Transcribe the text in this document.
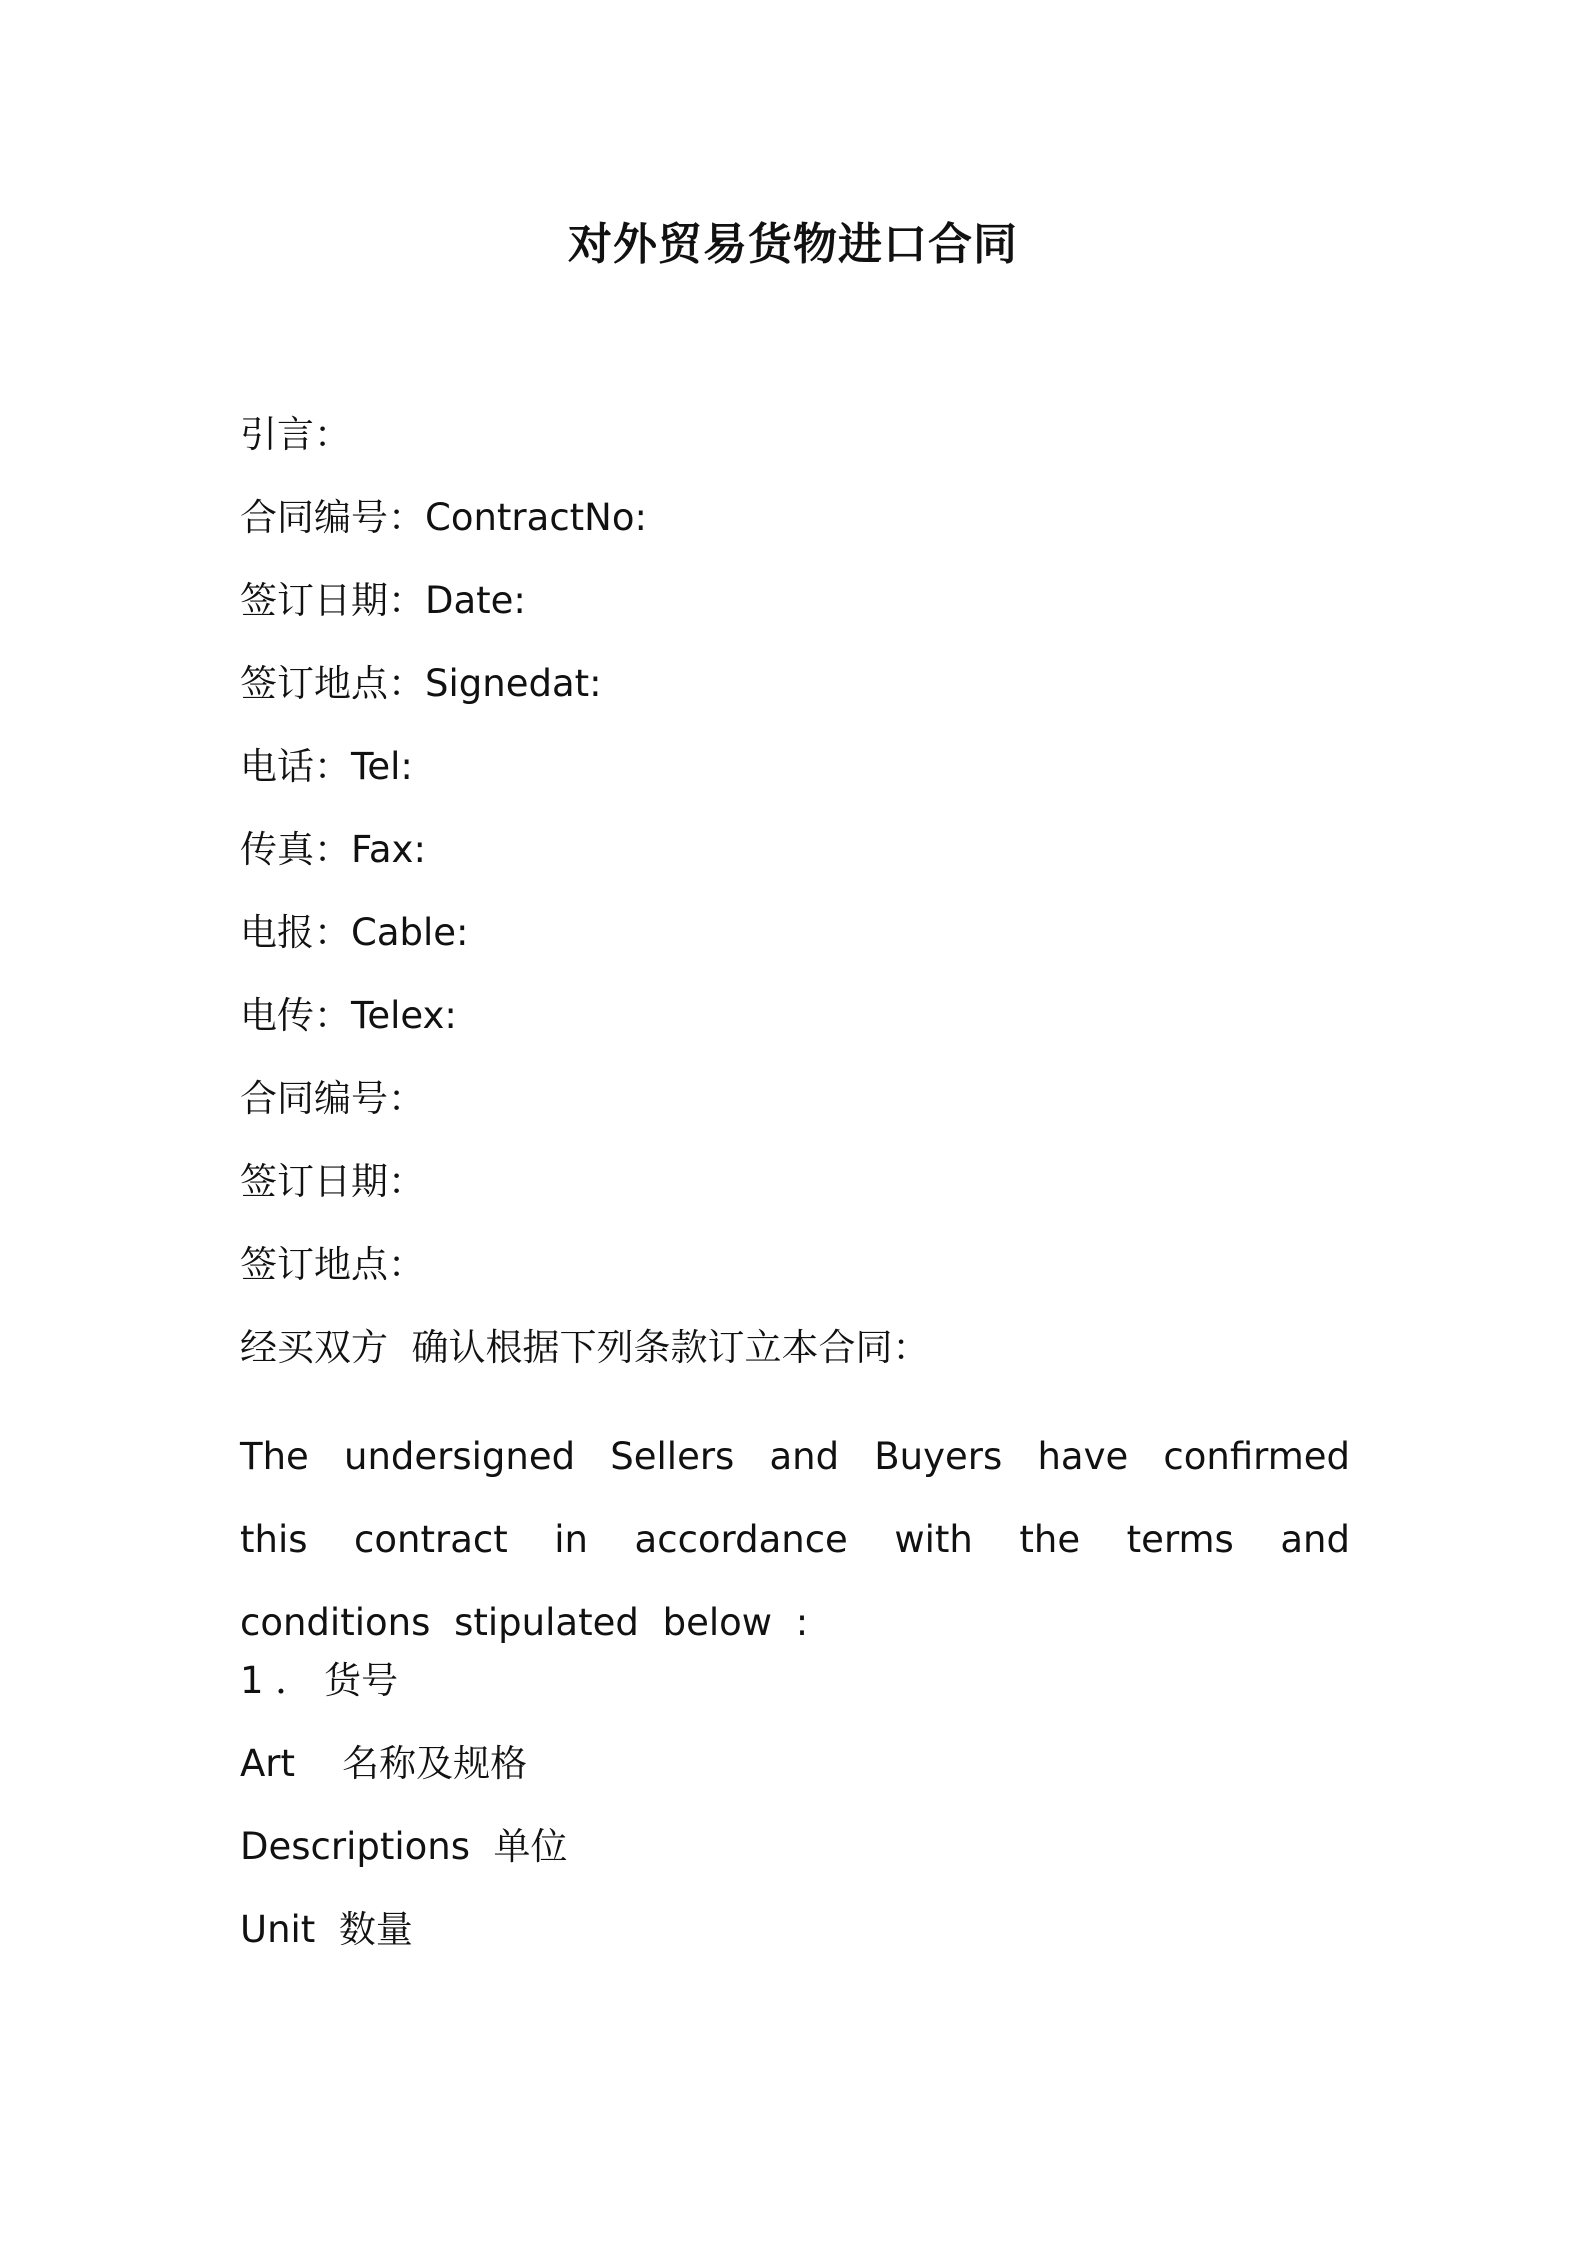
对外贸易货物进口合同
引言：
合同编号：ContractNo:
签订日期：Date:
签订地点：Signedat:
电话：Tel:
传真：Fax:
电报：Cable:
电传：Telex:
合同编号：
签订日期：
签订地点：
经买双方  确认根据下列条款订立本合同：
The undersigned Sellers and Buyers have confirmed this contract in accordance with the terms and conditions stipulated below :
1 ． 货号
Art    名称及规格
Descriptions  单位
Unit  数量
